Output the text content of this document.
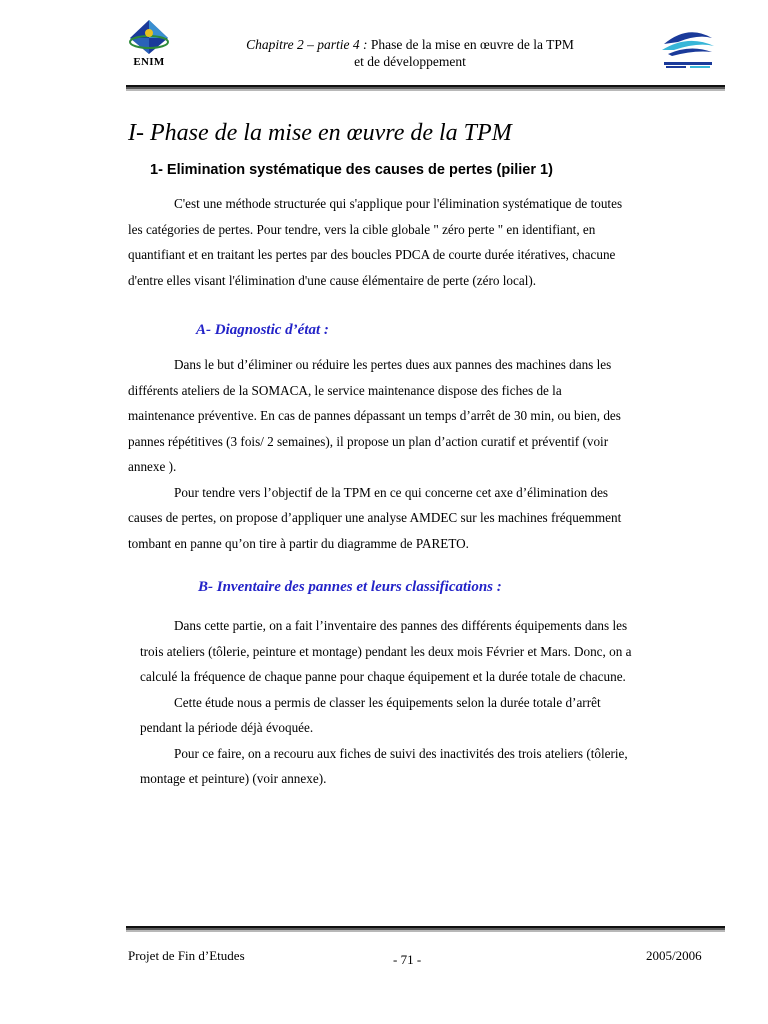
ENIM
Chapitre 2 – partie 4 : Phase de la mise en œuvre de la TPM
et de développement
I- Phase de la mise en œuvre de la TPM
1- Elimination systématique des causes de pertes (pilier 1)
C'est une méthode structurée qui s'applique pour l'élimination systématique de toutes
les catégories de pertes. Pour tendre, vers la cible globale " zéro perte " en identifiant, en
quantifiant et en traitant les pertes par des boucles PDCA de courte durée itératives, chacune
d'entre elles visant l'élimination d'une cause élémentaire de perte (zéro local).
A- Diagnostic d’état :
Dans le but d’éliminer ou réduire les pertes dues aux pannes des machines dans les
différents ateliers de la SOMACA, le service maintenance dispose des fiches de la
maintenance préventive. En cas de pannes dépassant un temps d’arrêt de 30 min, ou bien, des
pannes répétitives (3 fois/ 2 semaines), il propose un plan d’action curatif et préventif (voir
annexe ).
Pour tendre vers l’objectif de la TPM en ce qui concerne cet axe d’élimination des
causes de pertes, on propose d’appliquer une analyse AMDEC sur les machines fréquemment
tombant en panne qu’on tire à partir du diagramme de PARETO.
B- Inventaire des pannes et leurs classifications :
Dans cette partie, on a fait l’inventaire des pannes des différents équipements dans les
trois ateliers (tôlerie, peinture et montage) pendant les deux mois Février et Mars. Donc, on a
calculé la fréquence de chaque panne pour chaque équipement et la durée totale de chacune.
Cette étude nous a permis de classer les équipements selon la durée totale d’arrêt
pendant la période déjà évoquée.
Pour ce faire, on a recouru aux fiches de suivi des inactivités des trois ateliers (tôlerie,
montage et peinture) (voir annexe).
Projet de Fin d’Etudes	- 71 -	2005/2006
